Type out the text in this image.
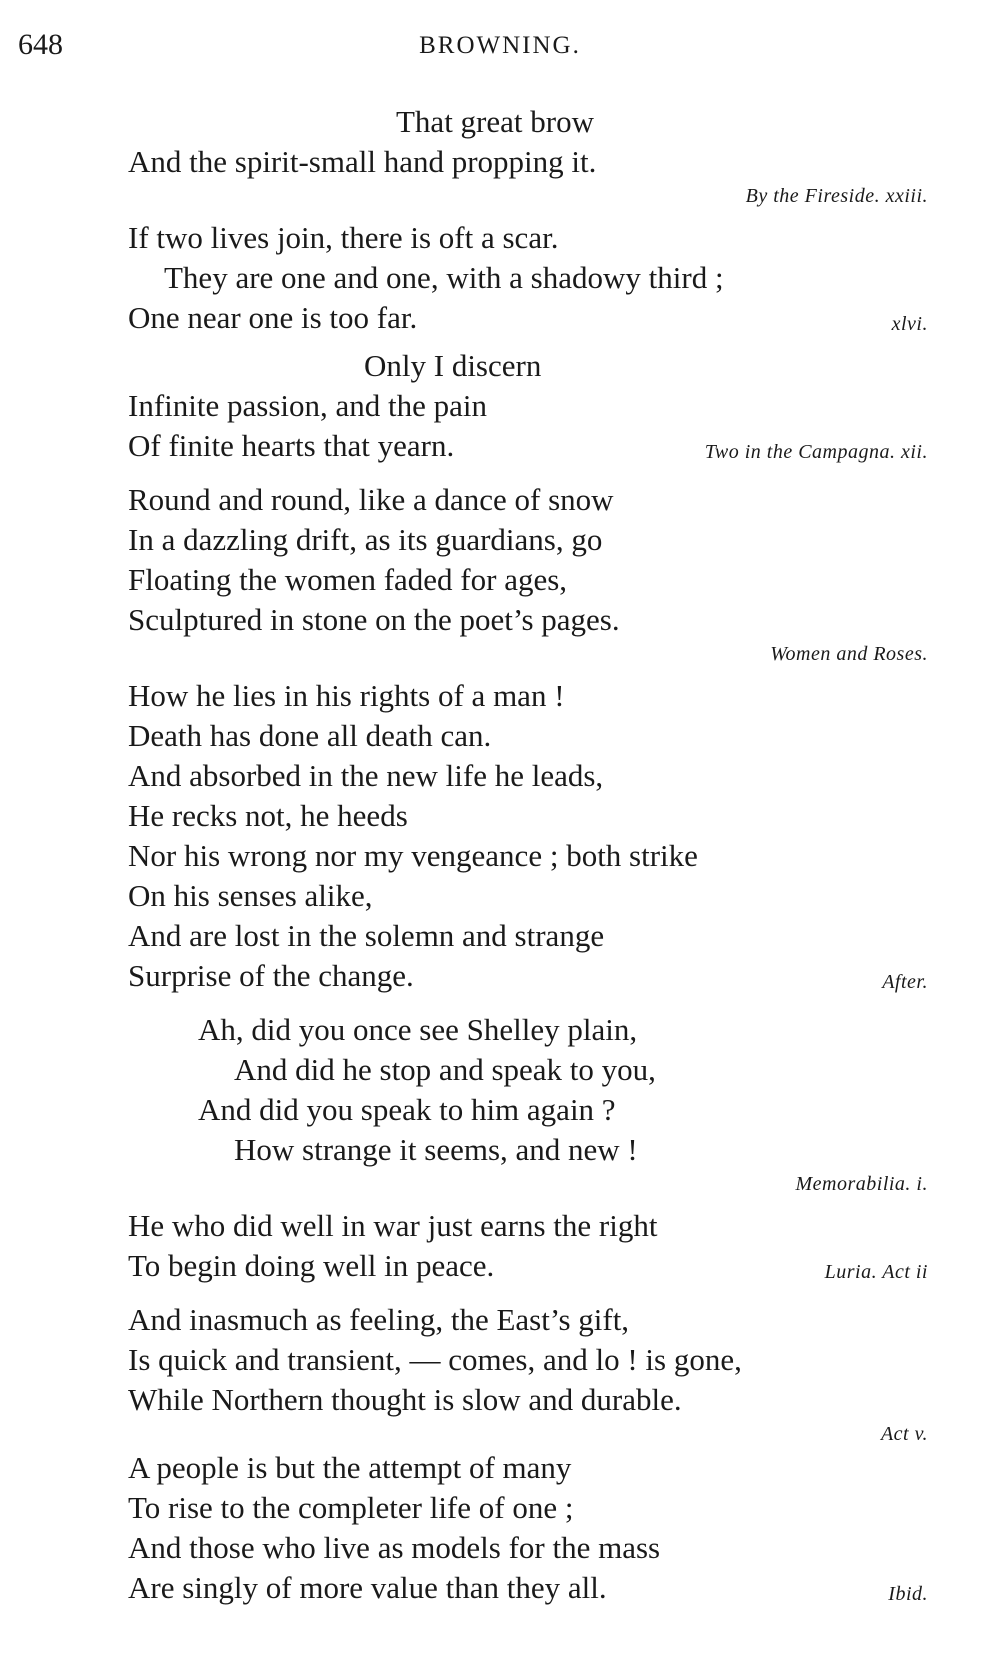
648	BROWNING.
That great brow
And the spirit-small hand propping it.
By the Fireside. xxiii.
If two lives join, there is oft a scar.
They are one and one, with a shadowy third ;
One near one is too far.	xlvi.
Only I discern
Infinite passion, and the pain
Of finite hearts that yearn.	Two in the Campagna. xii.
Round and round, like a dance of snow
In a dazzling drift, as its guardians, go
Floating the women faded for ages,
Sculptured in stone on the poet’s pages.
Women and Roses.
How he lies in his rights of a man !
Death has done all death can.
And absorbed in the new life he leads,
He recks not, he heeds
Nor his wrong nor my vengeance ; both strike
On his senses alike,
And are lost in the solemn and strange
Surprise of the change.	After.
Ah, did you once see Shelley plain,
And did he stop and speak to you,
And did you speak to him again ?
How strange it seems, and new !
Memorabilia. i.
He who did well in war just earns the right
To begin doing well in peace.	Luria. Act ii
And inasmuch as feeling, the East’s gift,
Is quick and transient, — comes, and lo ! is gone,
While Northern thought is slow and durable.
Act v.
A people is but the attempt of many
To rise to the completer life of one ;
And those who live as models for the mass
Are singly of more value than they all.	Ibid.
